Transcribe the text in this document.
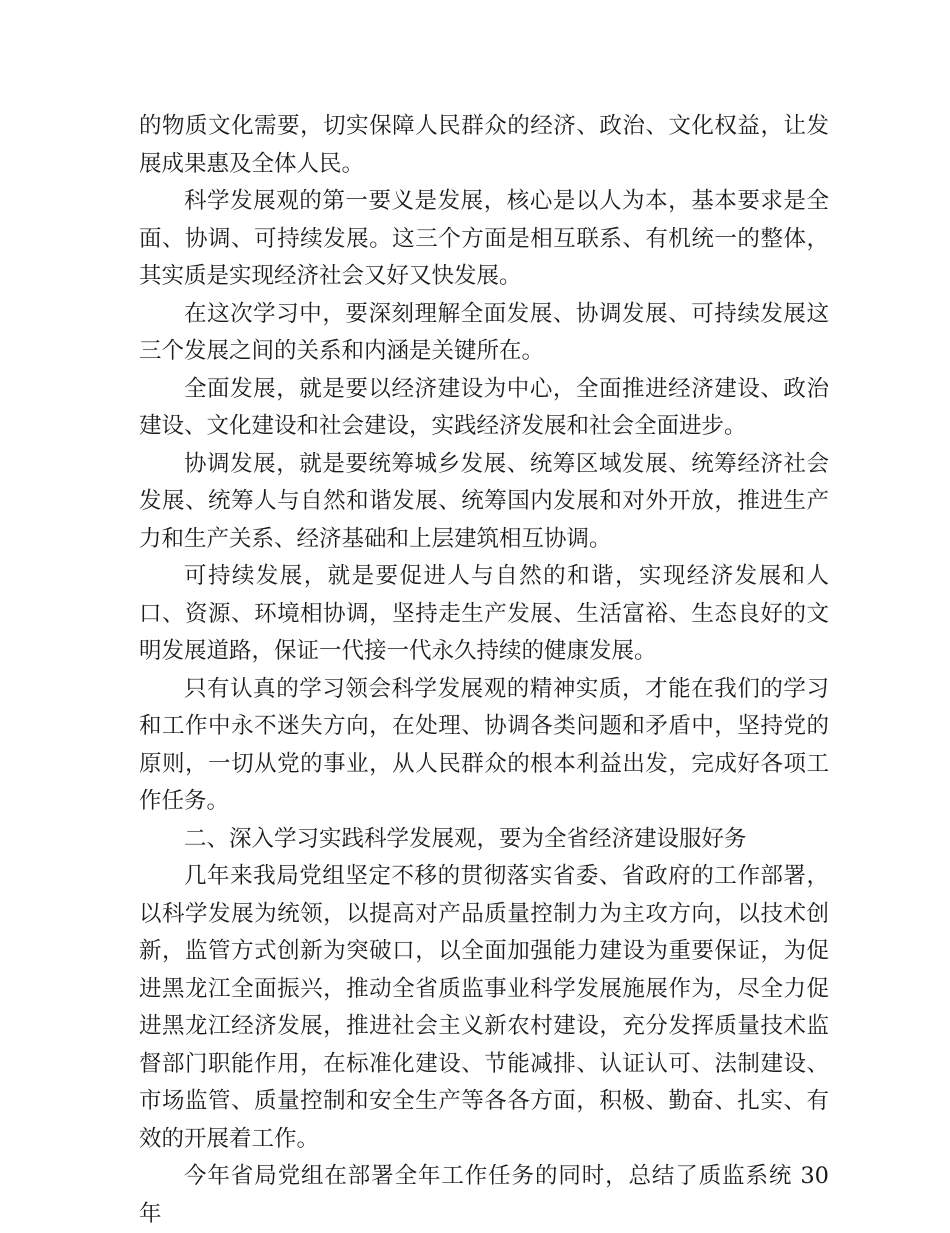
的物质文化需要，切实保障人民群众的经济、政治、文化权益，让发展成果惠及全体人民。

科学发展观的第一要义是发展，核心是以人为本，基本要求是全面、协调、可持续发展。这三个方面是相互联系、有机统一的整体，其实质是实现经济社会又好又快发展。

在这次学习中，要深刻理解全面发展、协调发展、可持续发展这三个发展之间的关系和内涵是关键所在。

全面发展，就是要以经济建设为中心，全面推进经济建设、政治建设、文化建设和社会建设，实践经济发展和社会全面进步。

协调发展，就是要统筹城乡发展、统筹区域发展、统筹经济社会发展、统筹人与自然和谐发展、统筹国内发展和对外开放，推进生产力和生产关系、经济基础和上层建筑相互协调。

可持续发展，就是要促进人与自然的和谐，实现经济发展和人口、资源、环境相协调，坚持走生产发展、生活富裕、生态良好的文明发展道路，保证一代接一代永久持续的健康发展。

只有认真的学习领会科学发展观的精神实质，才能在我们的学习和工作中永不迷失方向，在处理、协调各类问题和矛盾中，坚持党的原则，一切从党的事业，从人民群众的根本利益出发，完成好各项工作任务。

二、深入学习实践科学发展观，要为全省经济建设服好务

几年来我局党组坚定不移的贯彻落实省委、省政府的工作部署，以科学发展为统领，以提高对产品质量控制力为主攻方向，以技术创新，监管方式创新为突破口，以全面加强能力建设为重要保证，为促进黑龙江全面振兴，推动全省质监事业科学发展施展作为，尽全力促进黑龙江经济发展，推进社会主义新农村建设，充分发挥质量技术监督部门职能作用，在标准化建设、节能减排、认证认可、法制建设、市场监管、质量控制和安全生产等各各方面，积极、勤奋、扎实、有效的开展着工作。

今年省局党组在部署全年工作任务的同时，总结了质监系统 30 年
